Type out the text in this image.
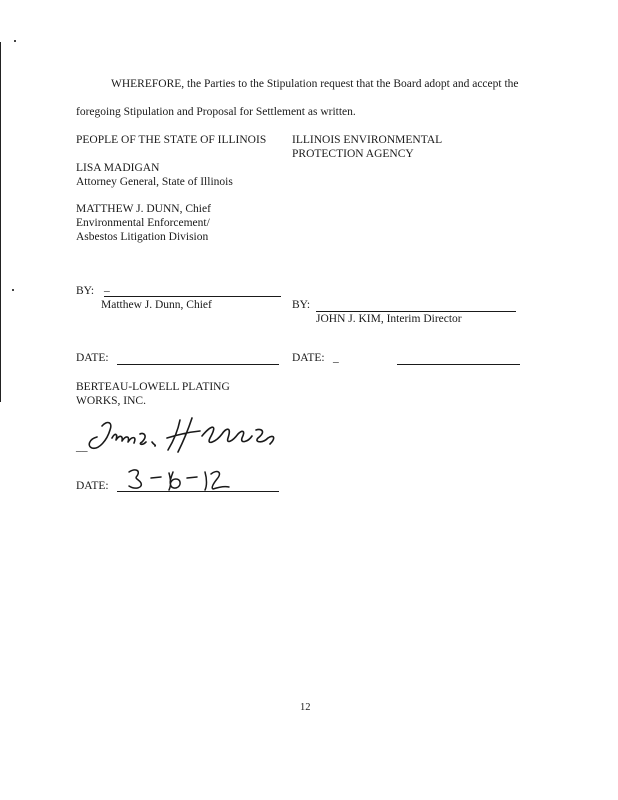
WHEREFORE, the Parties to the Stipulation request that the Board adopt and accept the
foregoing Stipulation and Proposal for Settlement as written.
PEOPLE OF THE STATE OF ILLINOIS
LISA MADIGAN
Attorney General, State of Illinois
MATTHEW J. DUNN, Chief
Environmental Enforcement/
Asbestos Litigation Division
ILLINOIS ENVIRONMENTAL
PROTECTION AGENCY
BY: _
Matthew J. Dunn, Chief	BY:
JOHN J. KIM, Interim Director
DATE:	DATE: _
BERTEAU-LOWELL PLATING
WORKS, INC.
__
DATE:
12
